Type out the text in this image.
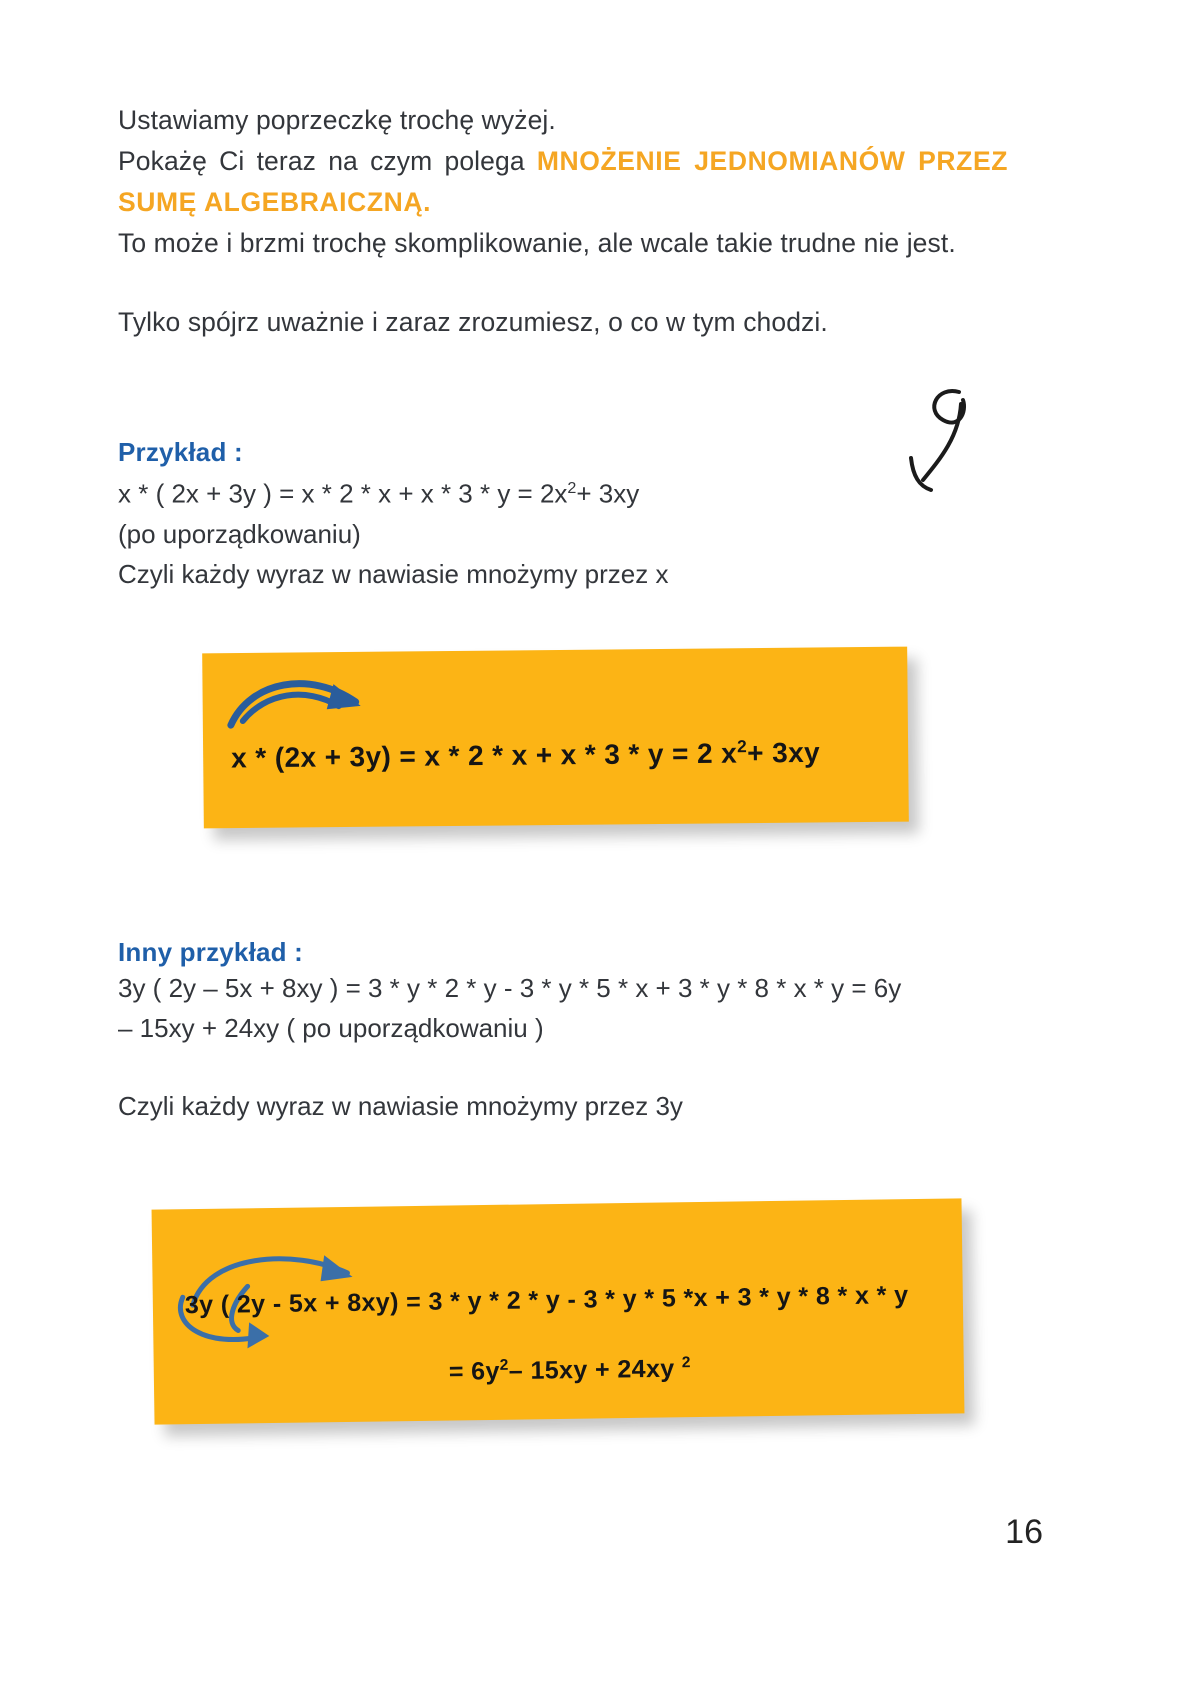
Ustawiamy poprzeczkę trochę wyżej.

Pokażę Ci teraz na czym polega MNOŻENIE JEDNOMIANÓW PRZEZ SUMĘ ALGEBRAICZNĄ.

To może i brzmi trochę skomplikowanie, ale wcale takie trudne nie jest.

Tylko spójrz uważnie i zaraz zrozumiesz, o co w tym chodzi.

Przykład :

x * ( 2x + 3y ) = $x * 2 * x + x * 3 * y = 2x^2+ 3xy$

(po uporządkowaniu)

Czyli każdy wyraz w nawiasie mnożymy przez x

x * (2x + 3y) = x * 2 * x + x * 3 * y = 2 $x^2+ 3xy$

Inny przykład :

3y ( 2y – 5x + 8xy ) = 3 * y * 2 * y - 3 * y * 5 * x + 3 * y * 8 * x * y = 6y

– 15xy + 24xy ( po uporządkowaniu )

Czyli każdy wyraz w nawiasie mnożymy przez 3y

3y ( 2y - 5x + 8xy) = 3 * y * 2 * y - 3 * y * 5 *x + 3 * y * 8 * x * y
= $6y^2-$ 15xy + 24xy $^2$
16
